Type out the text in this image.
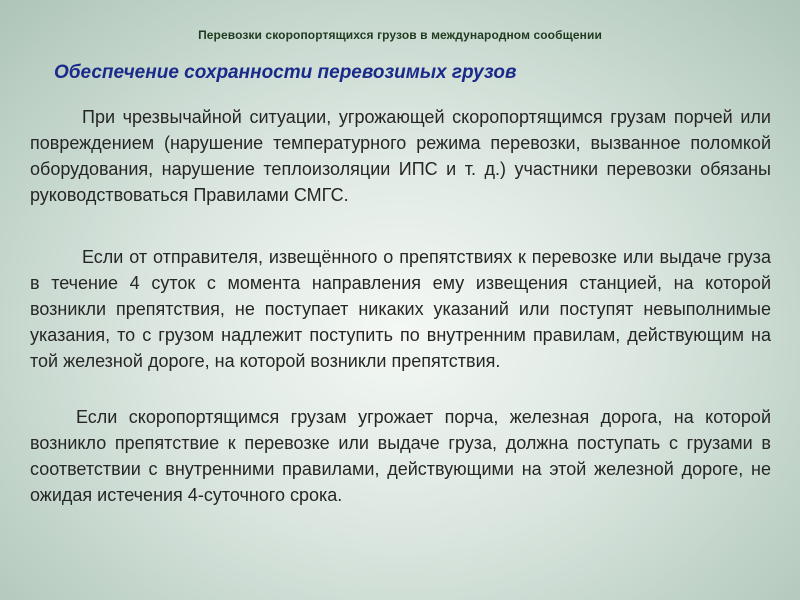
Перевозки скоропортящихся грузов в международном сообщении
Обеспечение сохранности перевозимых грузов
При чрезвычайной ситуации, угрожающей скоропортящимся грузам порчей или повреждением (нарушение температурного режима перевозки, вызванное поломкой оборудования, нарушение теплоизоляции ИПС и т. д.) участники перевозки обязаны руководствоваться Правилами СМГС.
Если от отправителя, извещённого о препятствиях к перевозке или выдаче груза в течение 4 суток с момента направления ему извещения станцией, на которой возникли препятствия, не поступает никаких указаний или поступят невыполнимые указания, то с грузом надлежит поступить по внутренним правилам, действующим на той железной дороге, на которой возникли препятствия.
Если скоропортящимся грузам угрожает порча, железная дорога, на которой возникло препятствие к перевозке или выдаче груза, должна поступать с грузами в соответствии с внутренними правилами, действующими на этой железной дороге, не ожидая истечения 4-суточного срока.
